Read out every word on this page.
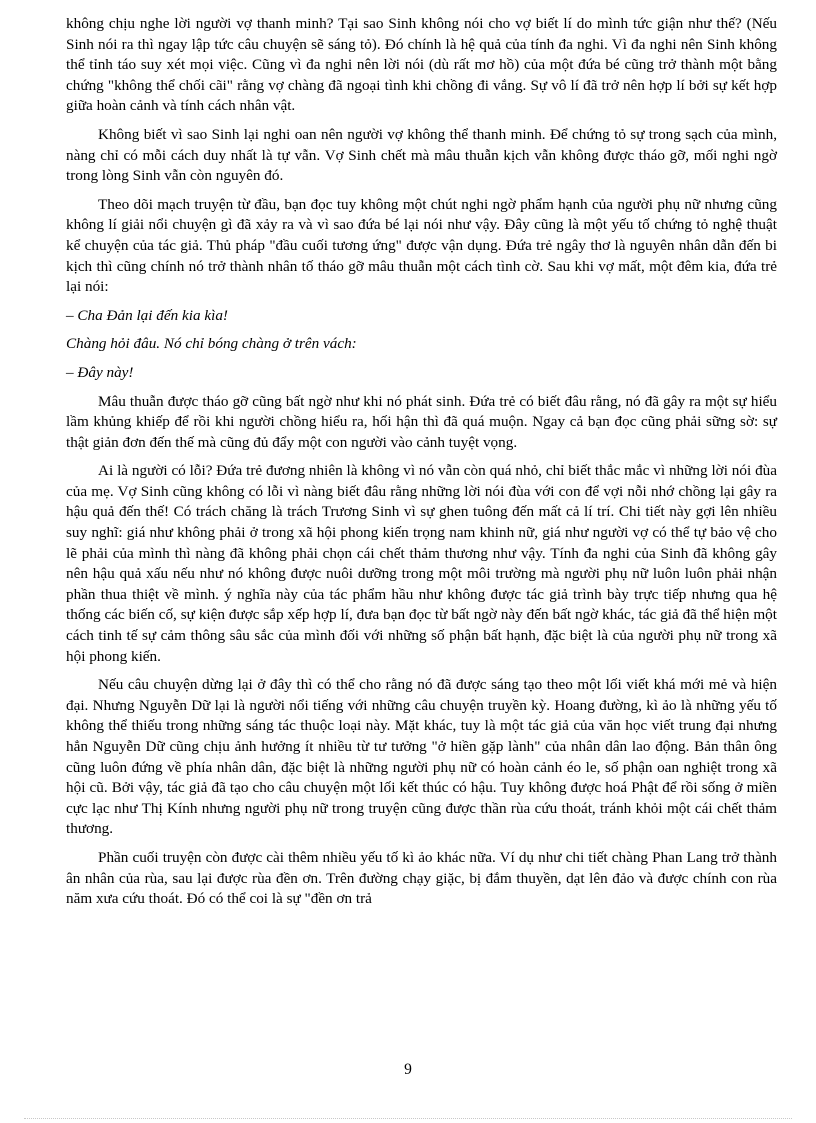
không chịu nghe lời người vợ thanh minh? Tại sao Sinh không nói cho vợ biết lí do mình tức giận như thế? (Nếu Sinh nói ra thì ngay lập tức câu chuyện sẽ sáng tỏ). Đó chính là hệ quả của tính đa nghi. Vì đa nghi nên Sinh không thể tỉnh táo suy xét mọi việc. Cũng vì đa nghi nên lời nói (dù rất mơ hồ) của một đứa bé cũng trở thành một bằng chứng "không thể chối cãi" rằng vợ chàng đã ngoại tình khi chồng đi vắng. Sự vô lí đã trở nên hợp lí bởi sự kết hợp giữa hoàn cảnh và tính cách nhân vật.

Không biết vì sao Sinh lại nghi oan nên người vợ không thể thanh minh. Để chứng tỏ sự trong sạch của mình, nàng chỉ có mỗi cách duy nhất là tự vẫn. Vợ Sinh chết mà mâu thuẫn kịch vẫn không được tháo gỡ, mối nghi ngờ trong lòng Sinh vẫn còn nguyên đó.

Theo dõi mạch truyện từ đầu, bạn đọc tuy không một chút nghi ngờ phẩm hạnh của người phụ nữ nhưng cũng không lí giải nổi chuyện gì đã xảy ra và vì sao đứa bé lại nói như vậy. Đây cũng là một yếu tố chứng tỏ nghệ thuật kể chuyện của tác giả. Thủ pháp "đầu cuối tương ứng" được vận dụng. Đứa trẻ ngây thơ là nguyên nhân dẫn đến bi kịch thì cũng chính nó trở thành nhân tố tháo gỡ mâu thuẫn một cách tình cờ. Sau khi vợ mất, một đêm kia, đứa trẻ lại nói:

– Cha Đản lại đến kia kìa!

Chàng hỏi đâu. Nó chỉ bóng chàng ở trên vách:

– Đây này!

Mâu thuẫn được tháo gỡ cũng bất ngờ như khi nó phát sinh. Đứa trẻ có biết đâu rằng, nó đã gây ra một sự hiểu lầm khủng khiếp để rồi khi người chồng hiểu ra, hối hận thì đã quá muộn. Ngay cả bạn đọc cũng phải sững sờ: sự thật giản đơn đến thế mà cũng đủ đẩy một con người vào cảnh tuyệt vọng.

Ai là người có lỗi? Đứa trẻ đương nhiên là không vì nó vẫn còn quá nhỏ, chỉ biết thắc mắc vì những lời nói đùa của mẹ. Vợ Sinh cũng không có lỗi vì nàng biết đâu rằng những lời nói đùa với con để vợi nỗi nhớ chồng lại gây ra hậu quả đến thế! Có trách chăng là trách Trương Sinh vì sự ghen tuông đến mất cả lí trí. Chi tiết này gợi lên nhiều suy nghĩ: giá như không phải ở trong xã hội phong kiến trọng nam khinh nữ, giá như người vợ có thể tự bảo vệ cho lẽ phải của mình thì nàng đã không phải chọn cái chết thảm thương như vậy. Tính đa nghi của Sinh đã không gây nên hậu quả xấu nếu như nó không được nuôi dưỡng trong một môi trường mà người phụ nữ luôn luôn phải nhận phần thua thiệt về mình. ý nghĩa này của tác phẩm hầu như không được tác giả trình bày trực tiếp nhưng qua hệ thống các biến cố, sự kiện được sắp xếp hợp lí, đưa bạn đọc từ bất ngờ này đến bất ngờ khác, tác giả đã thể hiện một cách tinh tế sự cảm thông sâu sắc của mình đối với những số phận bất hạnh, đặc biệt là của người phụ nữ trong xã hội phong kiến.

Nếu câu chuyện dừng lại ở đây thì có thể cho rằng nó đã được sáng tạo theo một lối viết khá mới mẻ và hiện đại. Nhưng Nguyễn Dữ lại là người nổi tiếng với những câu chuyện truyền kỳ. Hoang đường, kì ảo là những yếu tố không thể thiếu trong những sáng tác thuộc loại này. Mặt khác, tuy là một tác giả của văn học viết trung đại nhưng hẳn Nguyễn Dữ cũng chịu ảnh hưởng ít nhiều từ tư tưởng "ở hiền gặp lành" của nhân dân lao động. Bản thân ông cũng luôn đứng về phía nhân dân, đặc biệt là những người phụ nữ có hoàn cảnh éo le, số phận oan nghiệt trong xã hội cũ. Bởi vậy, tác giả đã tạo cho câu chuyện một lối kết thúc có hậu. Tuy không được hoá Phật để rồi sống ở miền cực lạc như Thị Kính nhưng người phụ nữ trong truyện cũng được thần rùa cứu thoát, tránh khỏi một cái chết thảm thương.

Phần cuối truyện còn được cài thêm nhiều yếu tố kì ảo khác nữa. Ví dụ như chi tiết chàng Phan Lang trở thành ân nhân của rùa, sau lại được rùa đền ơn. Trên đường chạy giặc, bị đắm thuyền, dạt lên đảo và được chính con rùa năm xưa cứu thoát. Đó có thể coi là sự "đền ơn trả

9
